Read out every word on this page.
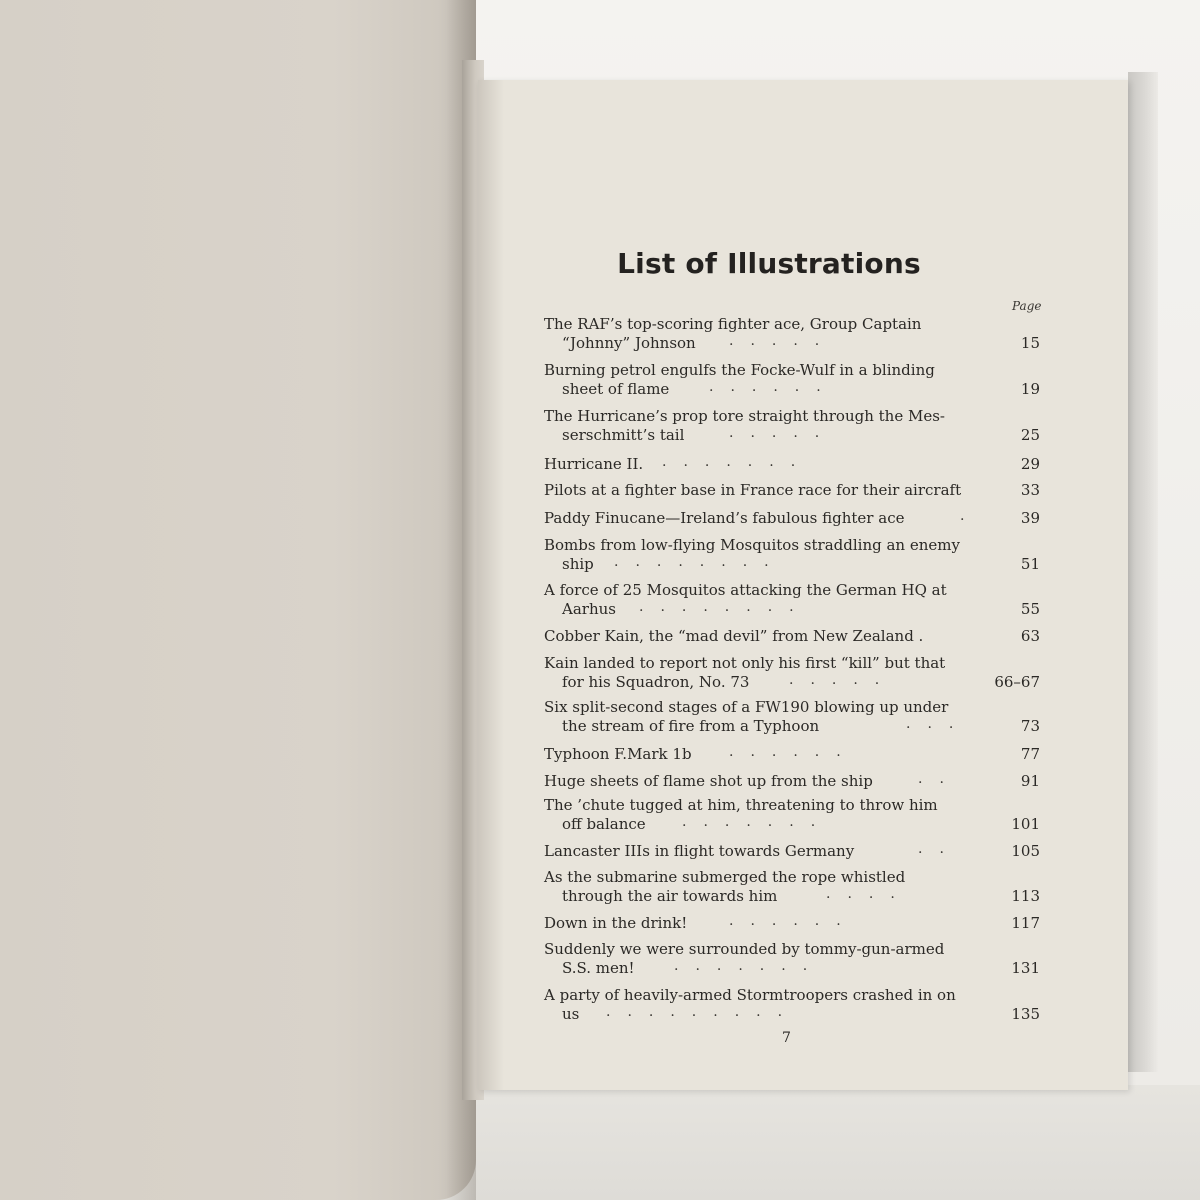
List of Illustrations
Page
The RAF’s top-scoring fighter ace, Group Captain
“Johnny” Johnson	.....	15
Burning petrol engulfs the Focke-Wulf in a blinding
sheet of flame	......	19
The Hurricane’s prop tore straight through the Mes-
serschmitt’s tail	.....	25
Hurricane II.	.......	29
Pilots at a fighter base in France race for their aircraft	33
Paddy Finucane—Ireland’s fabulous fighter ace	.	39
Bombs from low-flying Mosquitos straddling an enemy
ship	........	51
A force of 25 Mosquitos attacking the German HQ at
Aarhus	........	55
Cobber Kain, the “mad devil” from New Zealand .	63
Kain landed to report not only his first “kill” but that
for his Squadron, No. 73	.....	66–67
Six split-second stages of a FW190 blowing up under
the stream of fire from a Typhoon	...	73
Typhoon F.Mark 1b	......	77
Huge sheets of flame shot up from the ship	..	91
The ’chute tugged at him, threatening to throw him
off balance	.......	101
Lancaster IIIs in flight towards Germany	..	105
As the submarine submerged the rope whistled
through the air towards him	....	113
Down in the drink!	......	117
Suddenly we were surrounded by tommy-gun-armed
S.S. men!	.......	131
A party of heavily-armed Stormtroopers crashed in on
us	.........	135
7
